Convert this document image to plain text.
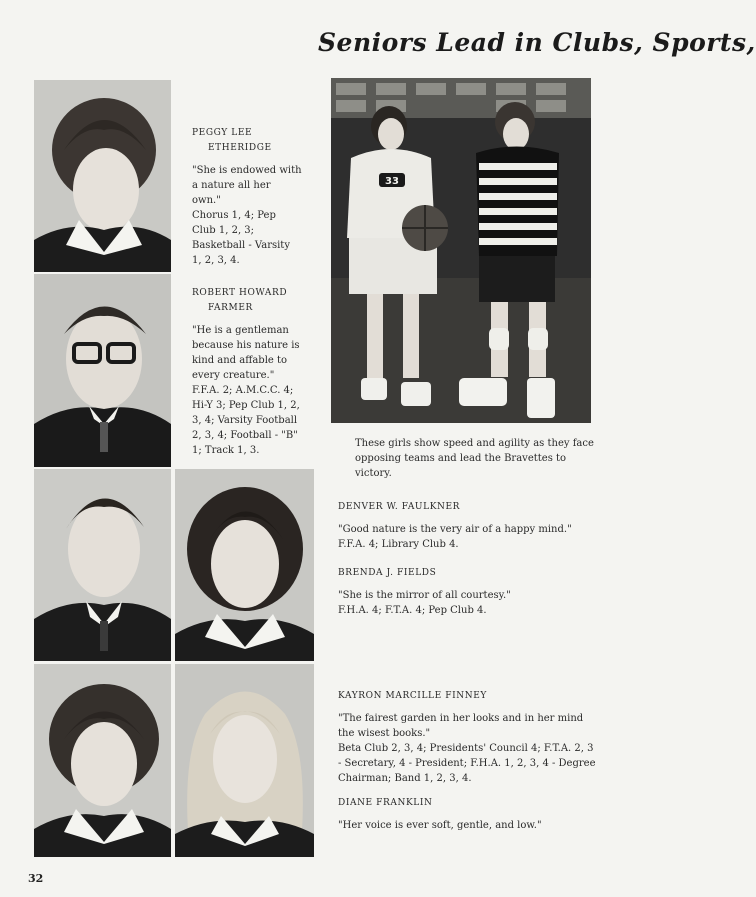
Seniors Lead in Clubs, Sports,
PEGGY LEE
ETHERIDGE
"She is endowed with a nature all her own."
Chorus 1, 4; Pep Club 1, 2, 3; Basketball - Varsity 1, 2, 3, 4.
ROBERT HOWARD
FARMER
"He is a gentleman because his nature is kind and affable to every creature."
F.F.A. 2; A.M.C.C. 4; Hi-Y 3; Pep Club 1, 2, 3, 4; Varsity Football 2, 3, 4; Football - "B" 1; Track 1, 3.
33
These girls show speed and agility as they face opposing teams and lead the Bravettes to victory.
DENVER W. FAULKNER
"Good nature is the very air of a happy mind."
F.F.A. 4; Library Club 4.
BRENDA J. FIELDS
"She is the mirror of all courtesy."
F.H.A. 4; F.T.A. 4; Pep Club 4.
KAYRON MARCILLE FINNEY
"The fairest garden in her looks and in her mind the wisest books."
Beta Club 2, 3, 4; Presidents' Council 4; F.T.A. 2, 3 - Secretary, 4 - President; F.H.A. 1, 2, 3, 4 - Degree Chairman; Band 1, 2, 3, 4.
DIANE FRANKLIN
"Her voice is ever soft, gentle, and low."
32
